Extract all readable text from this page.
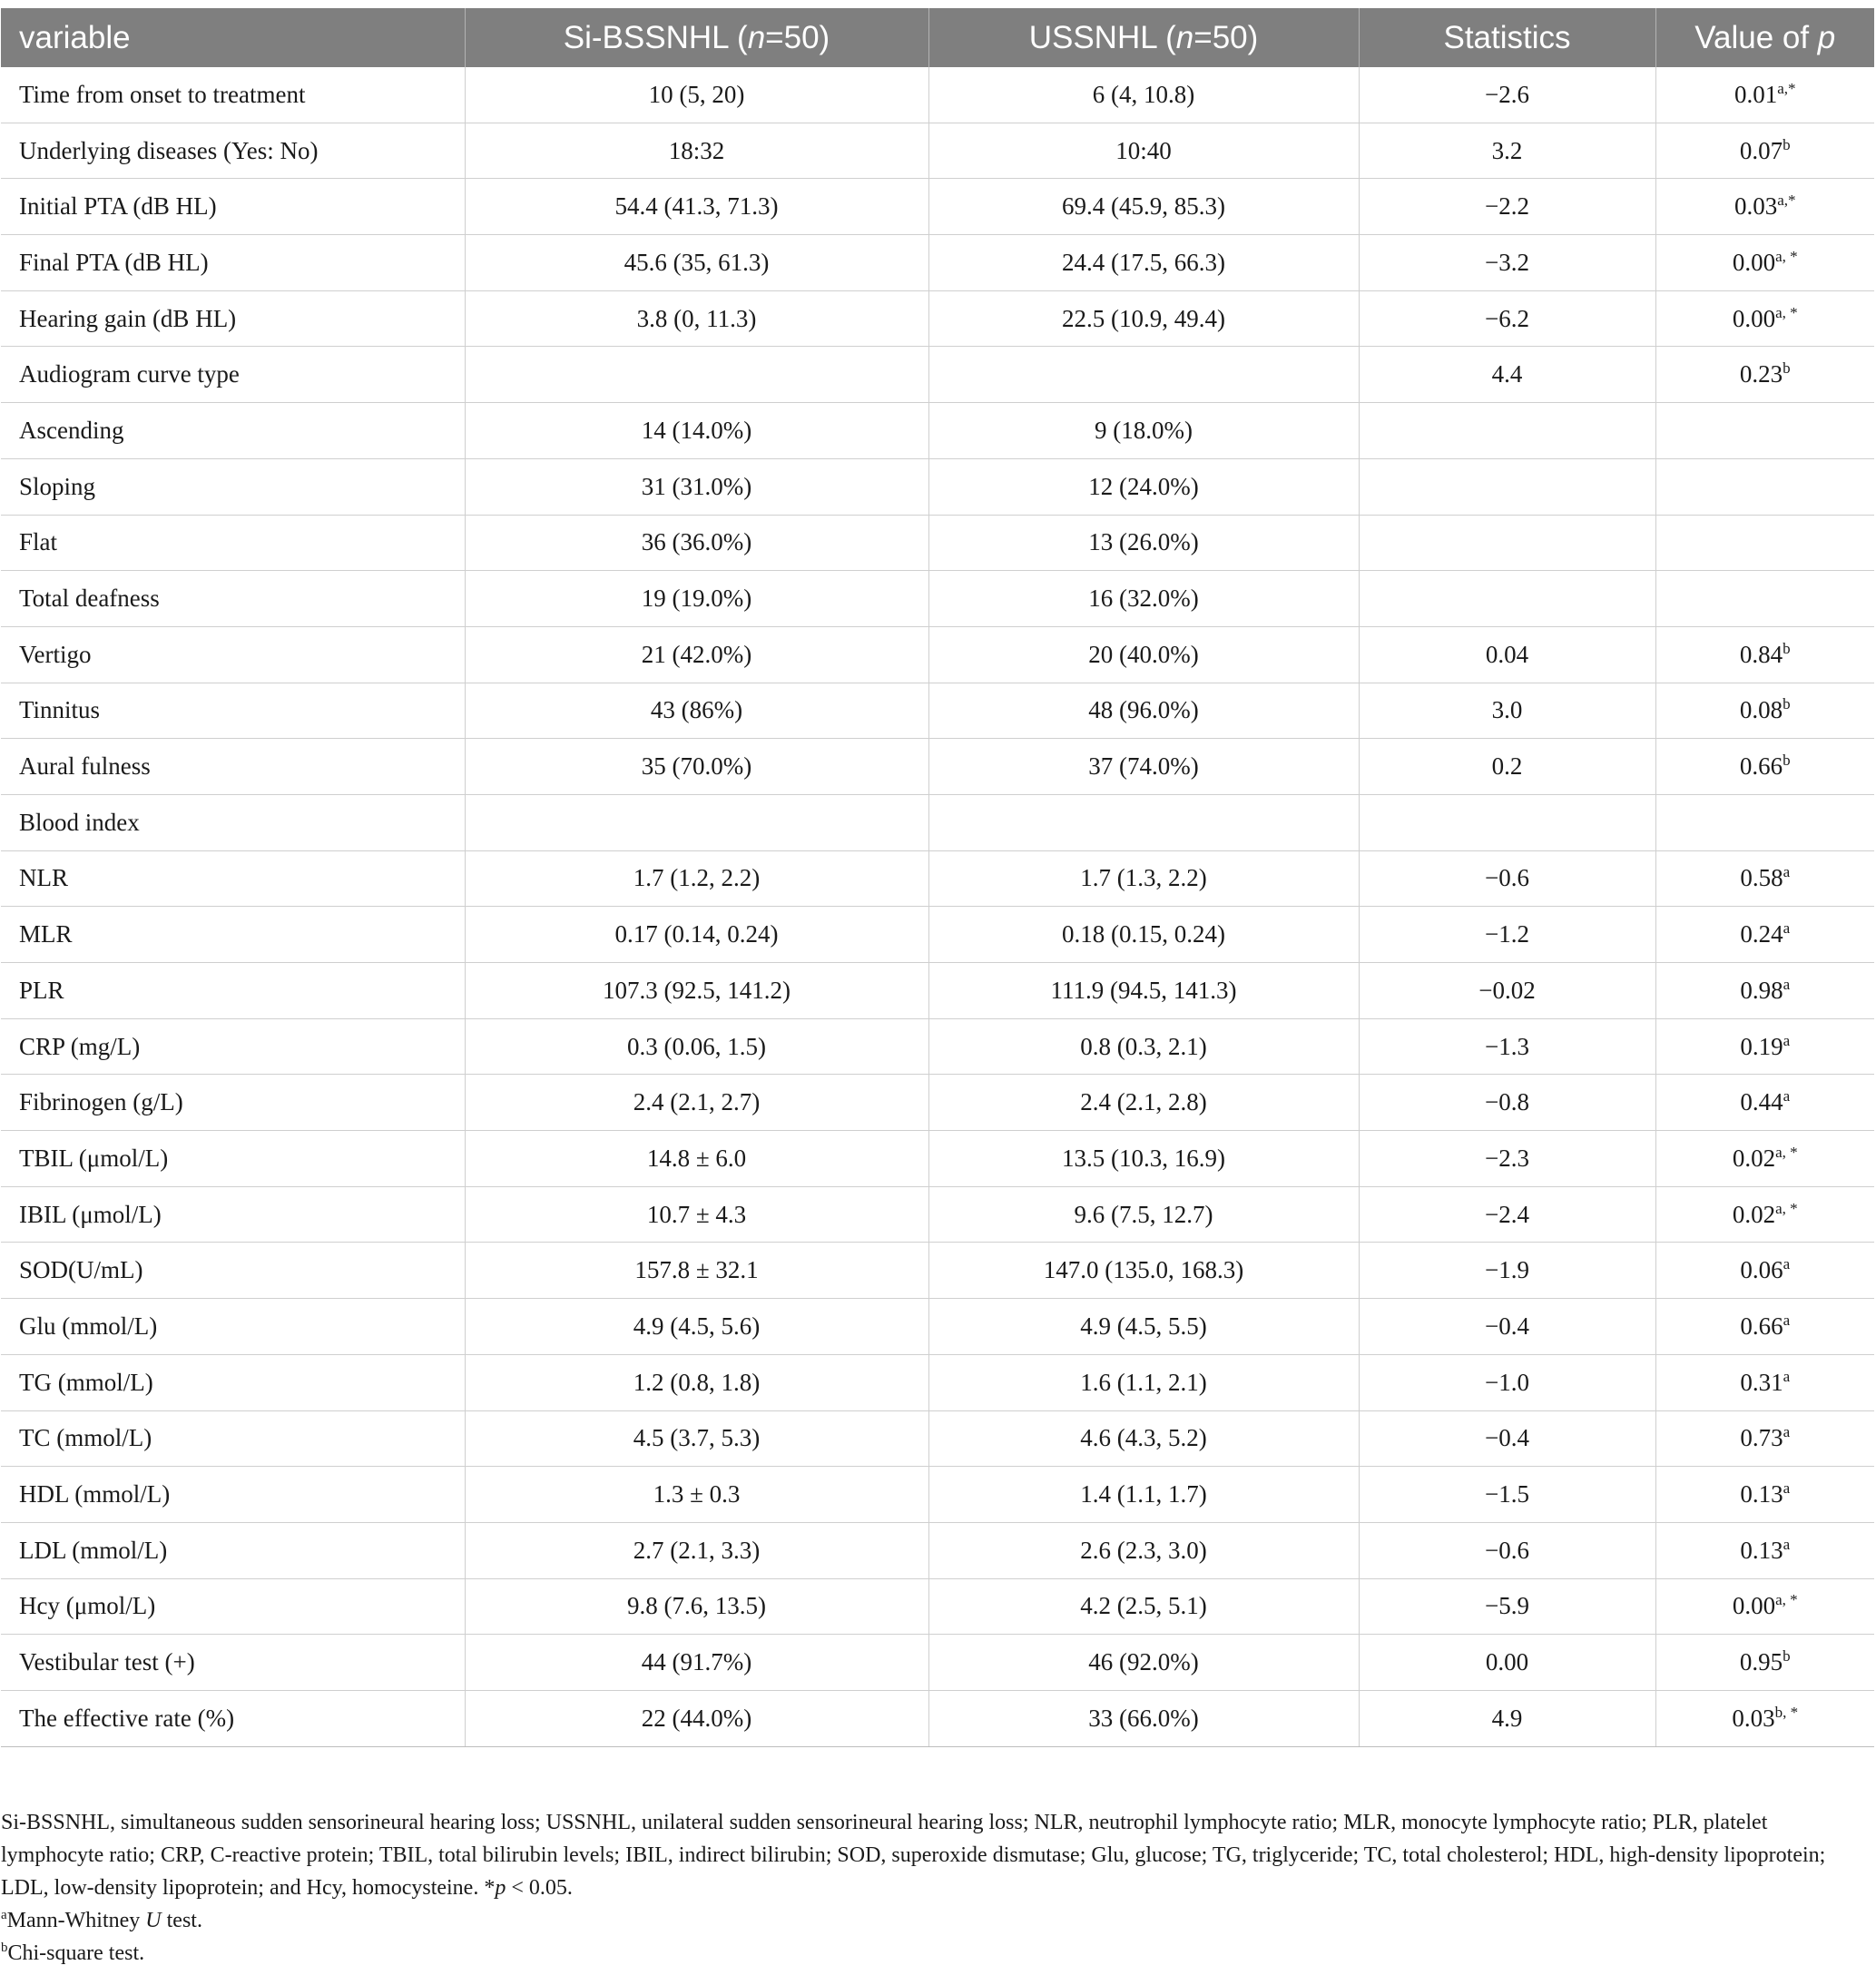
variable	Si-BSSNHL (n=50)	USSNHL (n=50)	Statistics	Value of p
Time from onset to treatment	10 (5, 20)	6 (4, 10.8)	−2.6	$0.01^{a,*}$
Underlying diseases (Yes: No)	18:32	10:40	3.2	0.07$^b$
Initial PTA (dB HL)	54.4 (41.3, 71.3)	69.4 (45.9, 85.3)	−2.2	$0.03^{a,*}$
Final PTA (dB HL)	45.6 (35, 61.3)	24.4 (17.5, 66.3)	−3.2	$0.00^{a, *}$
Hearing gain (dB HL)	3.8 (0, 11.3)	22.5 (10.9, 49.4)	−6.2	$0.00^{a, *}$
Audiogram curve type			4.4	0.23$^b$
Ascending	14 (14.0%)	9 (18.0%)		
Sloping	31 (31.0%)	12 (24.0%)		
Flat	36 (36.0%)	13 (26.0%)		
Total deafness	19 (19.0%)	16 (32.0%)		
Vertigo	21 (42.0%)	20 (40.0%)	0.04	0.84$^b$
Tinnitus	43 (86%)	48 (96.0%)	3.0	0.08$^b$
Aural fulness	35 (70.0%)	37 (74.0%)	0.2	0.66$^b$
Blood index				
NLR	1.7 (1.2, 2.2)	1.7 (1.3, 2.2)	−0.6	0.58$^a$
MLR	0.17 (0.14, 0.24)	0.18 (0.15, 0.24)	−1.2	0.24$^a$
PLR	107.3 (92.5, 141.2)	111.9 (94.5, 141.3)	−0.02	0.98$^a$
CRP (mg/L)	0.3 (0.06, 1.5)	0.8 (0.3, 2.1)	−1.3	0.19$^a$
Fibrinogen (g/L)	2.4 (2.1, 2.7)	2.4 (2.1, 2.8)	−0.8	0.44$^a$
TBIL (μmol/L)	14.8 ± 6.0	13.5 (10.3, 16.9)	−2.3	$0.02^{a, *}$
IBIL (μmol/L)	10.7 ± 4.3	9.6 (7.5, 12.7)	−2.4	$0.02^{a, *}$
SOD(U/mL)	157.8 ± 32.1	147.0 (135.0, 168.3)	−1.9	0.06$^a$
Glu (mmol/L)	4.9 (4.5, 5.6)	4.9 (4.5, 5.5)	−0.4	0.66$^a$
TG (mmol/L)	1.2 (0.8, 1.8)	1.6 (1.1, 2.1)	−1.0	0.31$^a$
TC (mmol/L)	4.5 (3.7, 5.3)	4.6 (4.3, 5.2)	−0.4	0.73$^a$
HDL (mmol/L)	1.3 ± 0.3	1.4 (1.1, 1.7)	−1.5	0.13$^a$
LDL (mmol/L)	2.7 (2.1, 3.3)	2.6 (2.3, 3.0)	−0.6	0.13$^a$
Hcy (μmol/L)	9.8 (7.6, 13.5)	4.2 (2.5, 5.1)	−5.9	$0.00^{a, *}$
Vestibular test (+)	44 (91.7%)	46 (92.0%)	0.00	0.95$^b$
The effective rate (%)	22 (44.0%)	33 (66.0%)	4.9	$0.03^{b, *}$

Si-BSSNHL, simultaneous sudden sensorineural hearing loss; USSNHL, unilateral sudden sensorineural hearing loss; NLR, neutrophil lymphocyte ratio; MLR, monocyte lymphocyte ratio; PLR, platelet lymphocyte ratio; CRP, C-reactive protein; TBIL, total bilirubin levels; IBIL, indirect bilirubin; SOD, superoxide dismutase; Glu, glucose; TG, triglyceride; TC, total cholesterol; HDL, high-density lipoprotein; LDL, low-density lipoprotein; and Hcy, homocysteine. *p < 0.05.

$^a$Mann-Whitney U test.

$^b$Chi-square test.
